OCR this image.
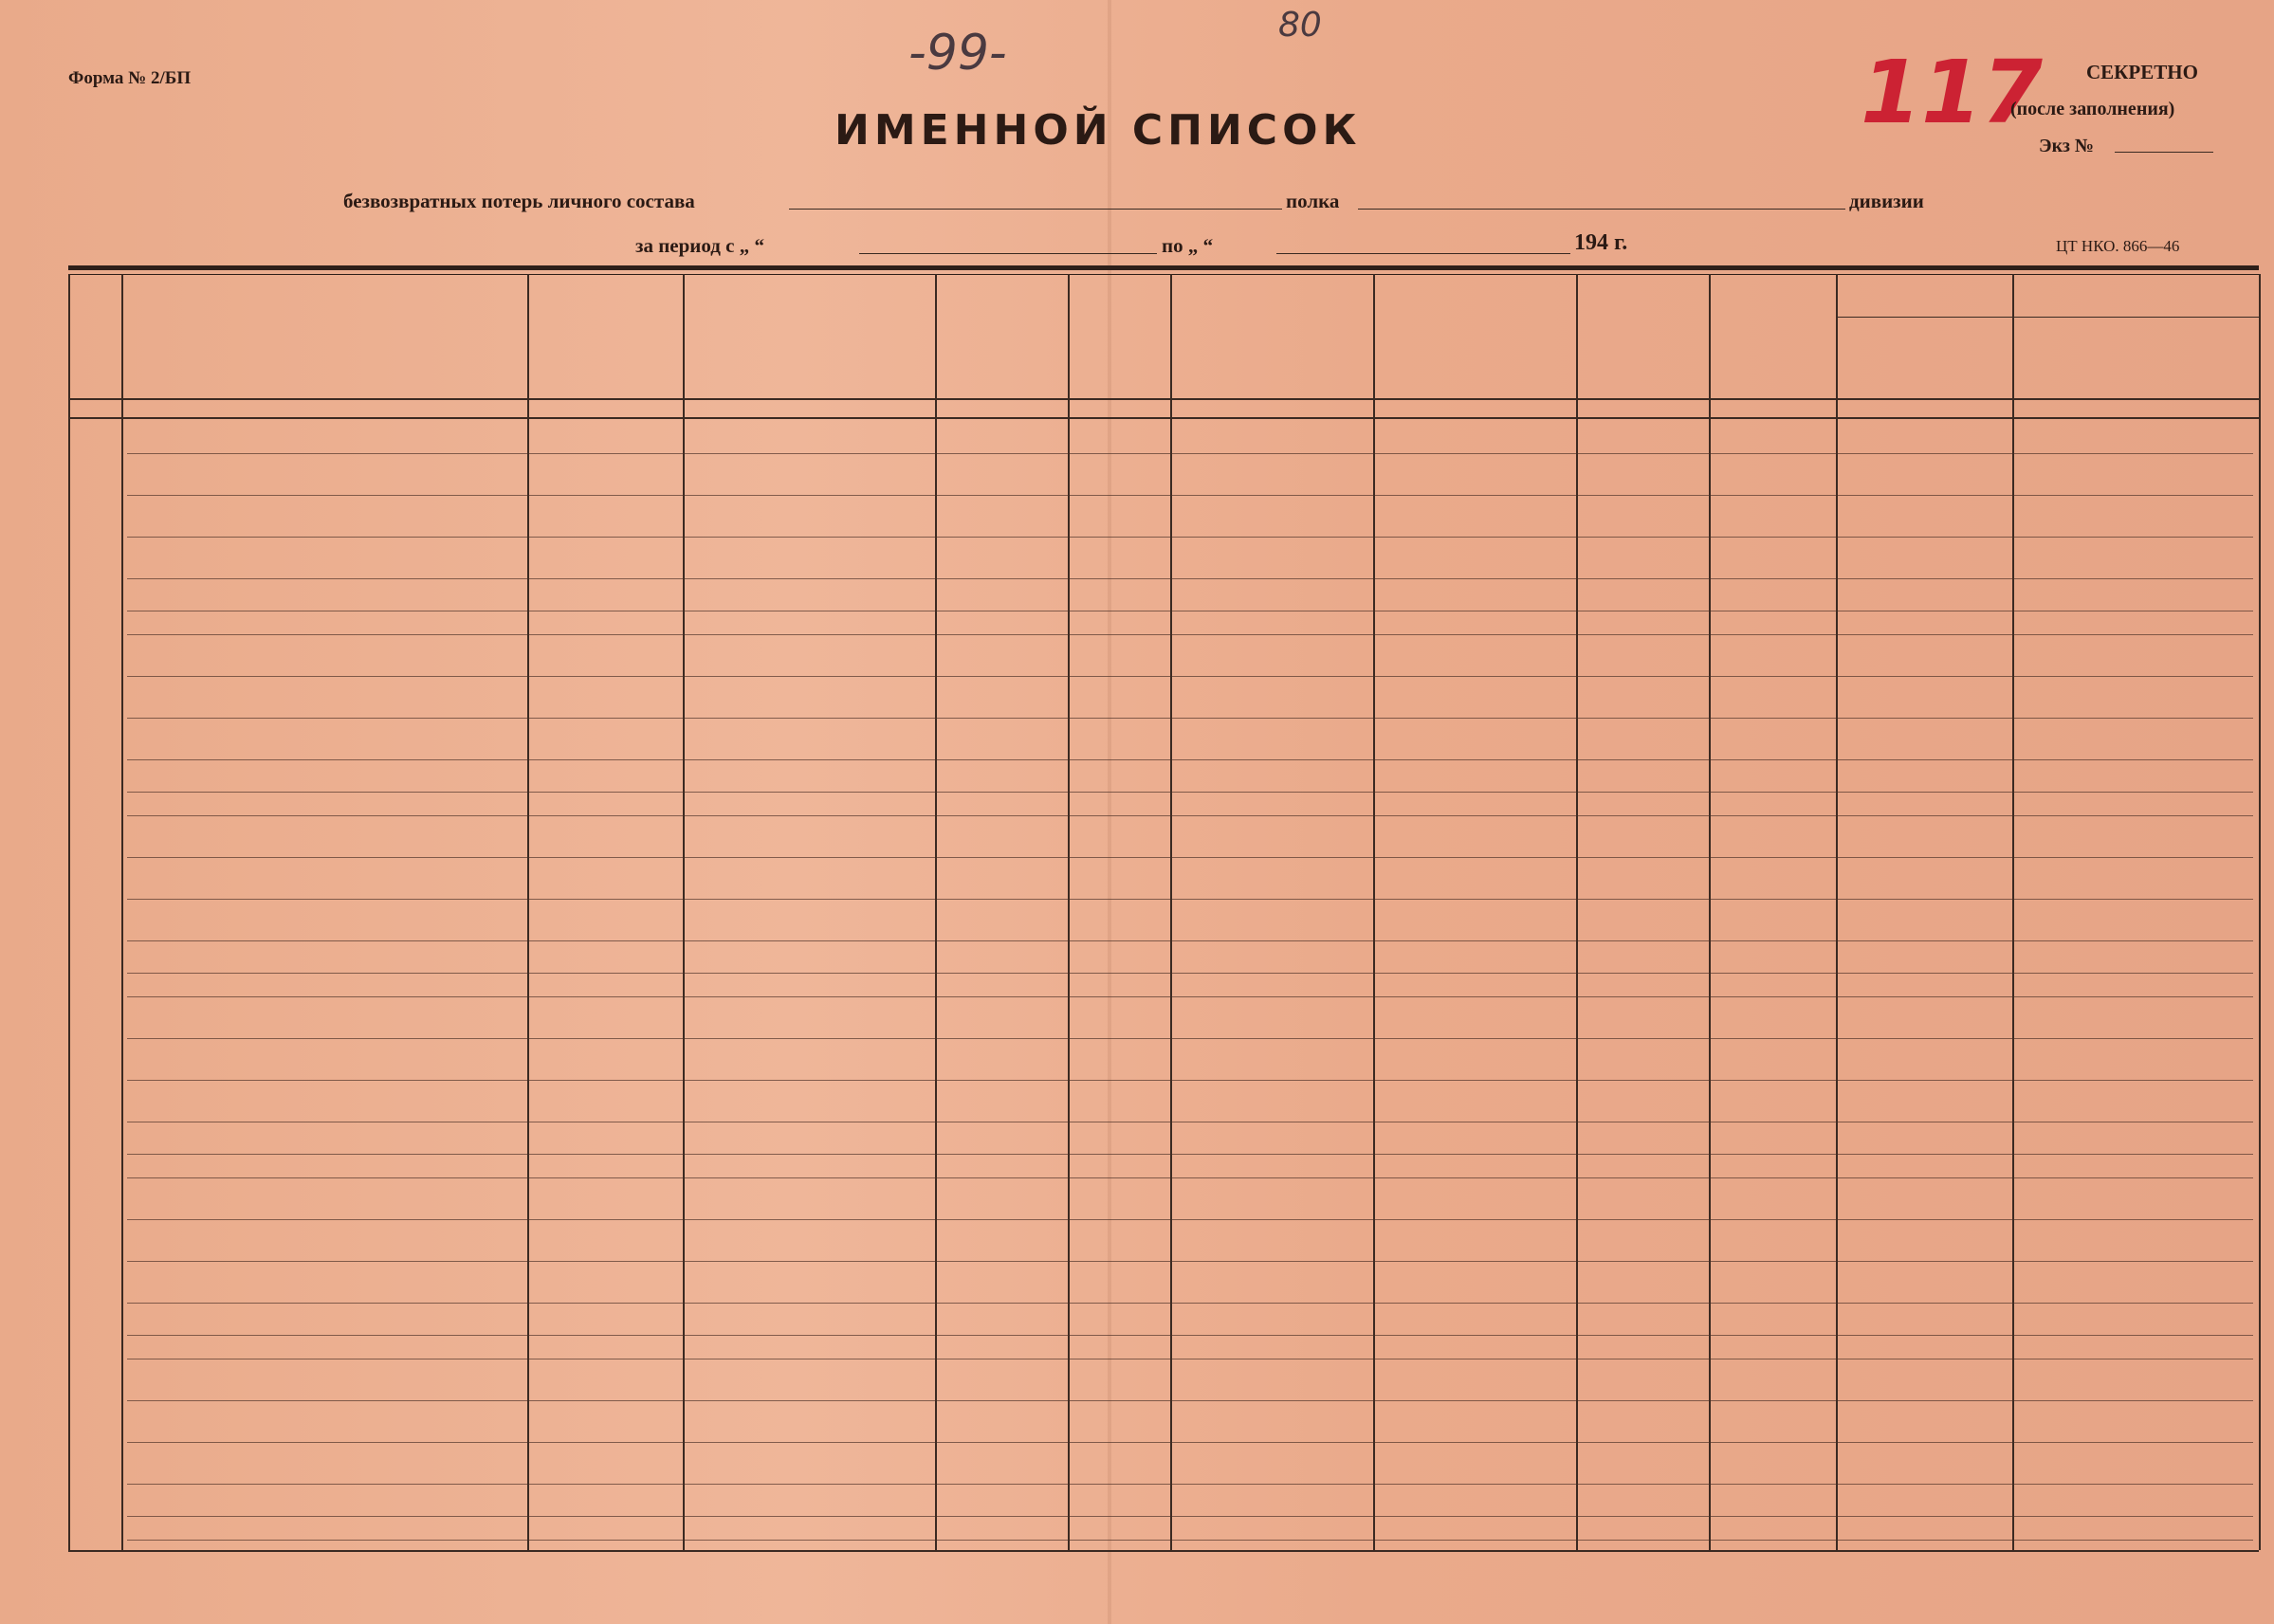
Форма № 2/БП	-99-	80
ИМЕННОЙ СПИСОК	117 СЕКРЕТНО
(после заполнения)
Экз №
безвозвратных потерь личного состава	полка	дивизии
за период с „ “	по „ “	194 г.	ЦТ НКО. 866—46
